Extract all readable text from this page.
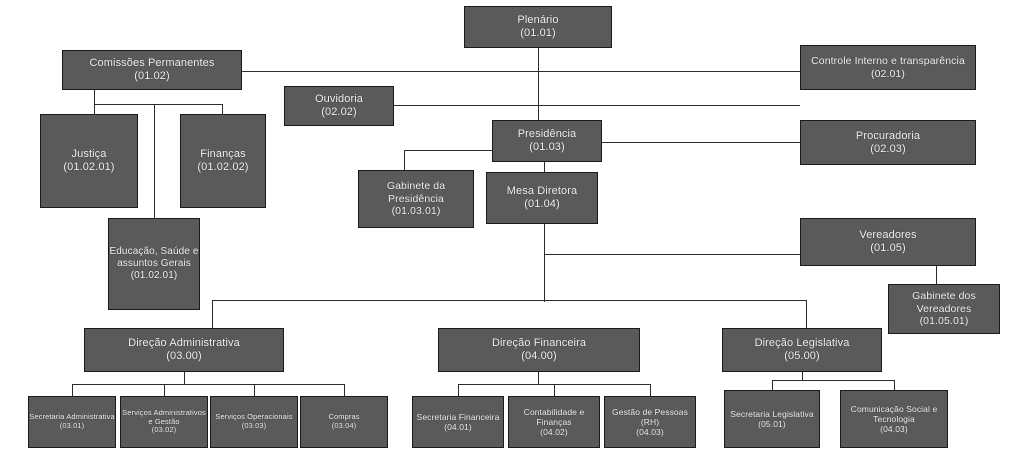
Plenário
(01.01)
Comissões Permanentes
(01.02)
Controle Interno e transparência
(02.01)
Ouvidoria
(02.02)
Presidência
(01.03)
Procuradoria
(02.03)
Justiça
(01.02.01)
Finanças
(01.02.02)
Gabinete da Presidência
(01.03.01)
Mesa Diretora
(01.04)
Vereadores
(01.05)
Educação, Saúde e assuntos Gerais
(01.02.01)
Gabinete dos Vereadores
(01.05.01)
Direção Administrativa
(03.00)
Direção Financeira
(04.00)
Direção Legislativa
(05.00)
Secretaria Administrativa
(03.01)
Serviços Administrativos e Gestão
(03.02)
Serviços Operacionais
(03.03)
Compras
(03.04)
Secretaria Financeira
(04.01)
Contabilidade e Finanças
(04.02)
Gestão de Pessoas (RH)
(04.03)
Secretaria Legislativa
(05.01)
Comunicação Social e Tecnologia
(04.03)
